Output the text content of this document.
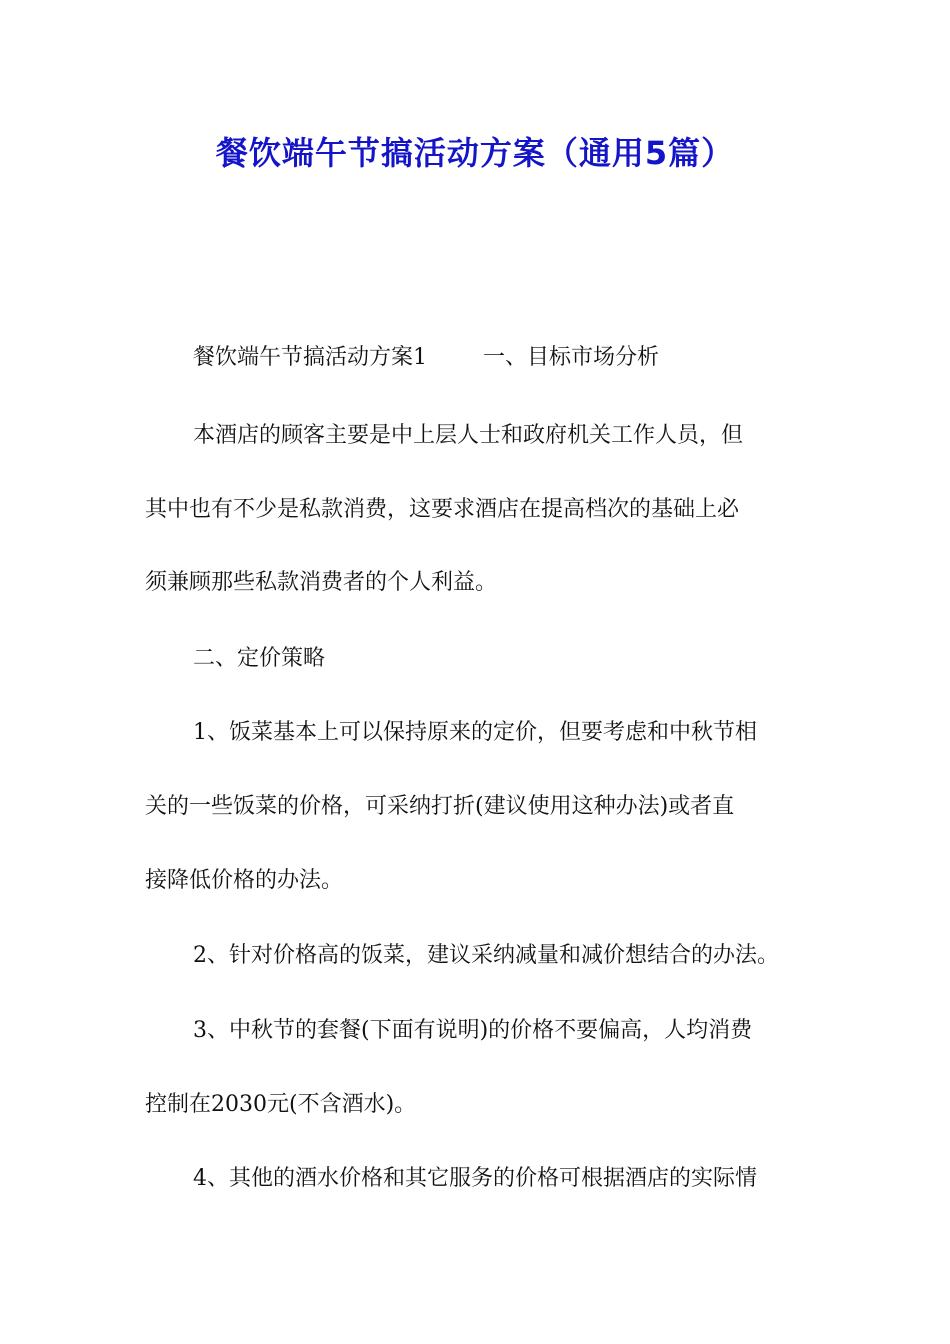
餐饮端午节搞活动方案（通用5篇）
餐饮端午节搞活动方案1	一、目标市场分析
本酒店的顾客主要是中上层人士和政府机关工作人员，但
其中也有不少是私款消费，这要求酒店在提高档次的基础上必
须兼顾那些私款消费者的个人利益。
二、定价策略
1、饭菜基本上可以保持原来的定价，但要考虑和中秋节相
关的一些饭菜的价格，可采纳打折(建议使用这种办法)或者直
接降低价格的办法。
2、针对价格高的饭菜，建议采纳减量和减价想结合的办法。
3、中秋节的套餐(下面有说明)的价格不要偏高，人均消费
控制在2030元(不含酒水)。
4、其他的酒水价格和其它服务的价格可根据酒店的实际情
